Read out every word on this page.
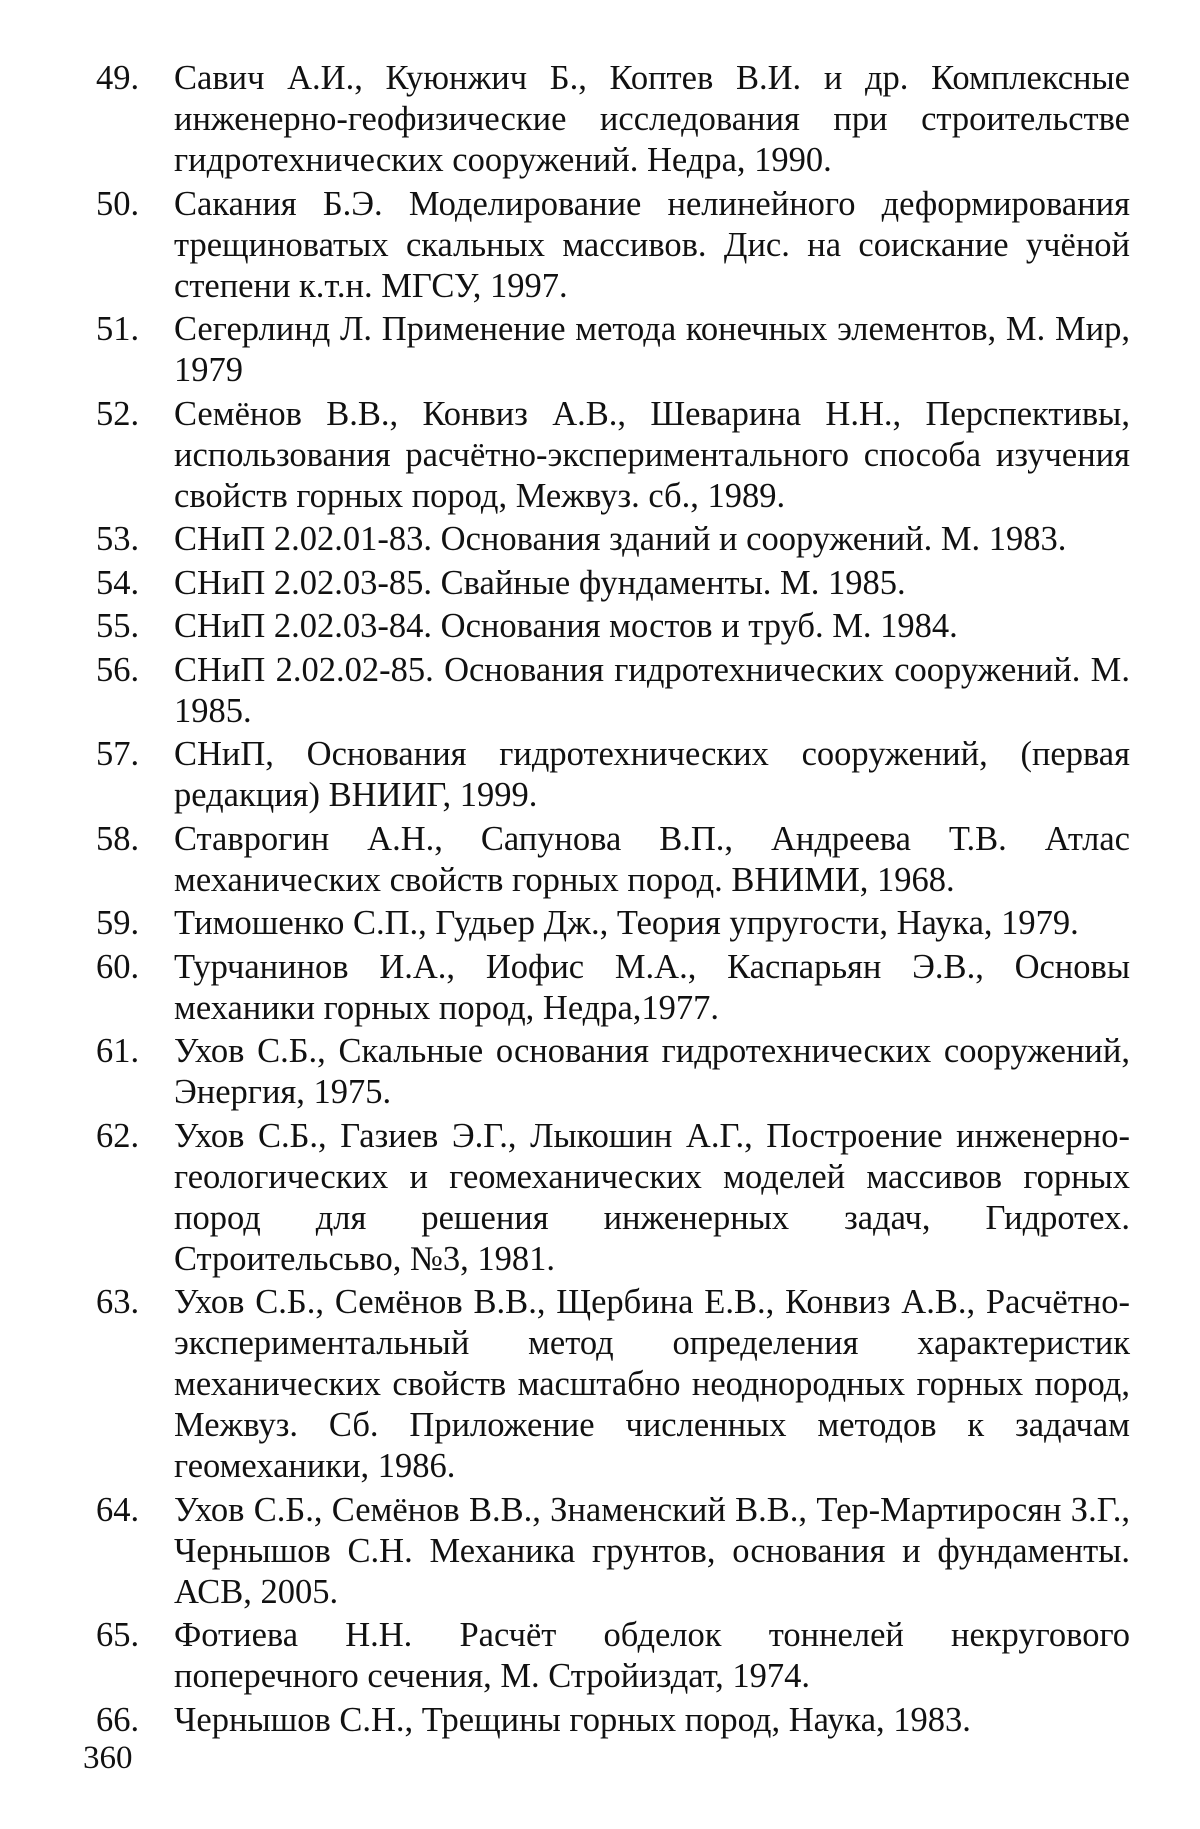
49.	Савич А.И., Куюнжич Б., Коптев В.И. и др. Комплексные инженерно-геофизические исследования при строительстве гидротехнических сооружений. Недра, 1990.
50.	Сакания Б.Э. Моделирование нелинейного деформирования трещиноватых скальных массивов. Дис. на соискание учёной степени к.т.н. МГСУ, 1997.
51.	Сегерлинд Л. Применение метода конечных элементов, М. Мир, 1979
52.	Семёнов В.В., Конвиз А.В., Шеварина Н.Н., Перспективы, использования расчётно-экспериментального способа изучения свойств горных пород, Межвуз. сб., 1989.
53.	СНиП 2.02.01-83. Основания зданий и сооружений. М. 1983.
54.	СНиП 2.02.03-85. Свайные фундаменты. М. 1985.
55.	СНиП 2.02.03-84. Основания мостов и труб. М. 1984.
56.	СНиП 2.02.02-85. Основания гидротехнических сооружений. М. 1985.
57.	СНиП, Основания гидротехнических сооружений, (первая редакция) ВНИИГ, 1999.
58.	Ставрогин А.Н., Сапунова В.П., Андреева Т.В. Атлас механических свойств горных пород. ВНИМИ, 1968.
59.	Тимошенко С.П., Гудьер Дж., Теория упругости, Наука, 1979.
60.	Турчанинов И.А., Иофис М.А., Каспарьян Э.В., Основы механики горных пород, Недра,1977.
61.	Ухов С.Б., Скальные основания гидротехнических сооружений, Энергия, 1975.
62.	Ухов С.Б., Газиев Э.Г., Лыкошин А.Г., Построение инженерно-геологических и геомеханических моделей массивов горных пород для решения инженерных задач, Гидротех. Строительсьво, №3, 1981.
63.	Ухов С.Б., Семёнов В.В., Щербина Е.В., Конвиз А.В., Расчётно-экспериментальный метод определения характеристик механических свойств масштабно неоднородных горных пород, Межвуз. Сб. Приложение численных методов к задачам геомеханики, 1986.
64.	Ухов С.Б., Семёнов В.В., Знаменский В.В., Тер-Мартиросян З.Г., Чернышов С.Н. Механика грунтов, основания и фундаменты. АСВ, 2005.
65.	Фотиева Н.Н. Расчёт обделок тоннелей некругового поперечного сечения, М. Стройиздат, 1974.
66.	Чернышов С.Н., Трещины горных пород, Наука, 1983.
360
